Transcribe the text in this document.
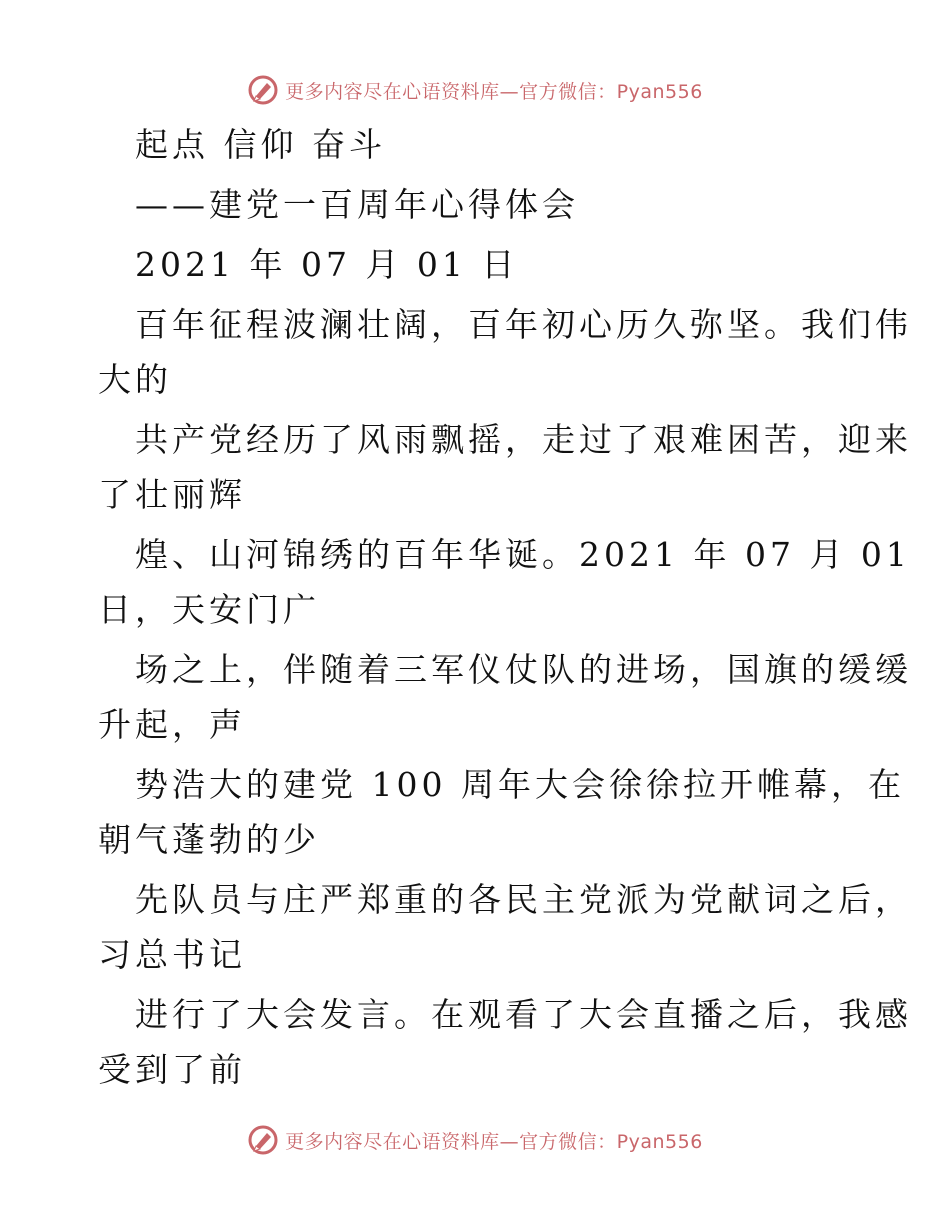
更多内容尽在心语资料库—官方微信：Pyan556
起点 信仰 奋斗
——建党一百周年心得体会
2021 年 07 月 01 日
百年征程波澜壮阔，百年初心历久弥坚。我们伟
大的
共产党经历了风雨飘摇，走过了艰难困苦，迎来
了壮丽辉
煌、山河锦绣的百年华诞。2021 年 07 月 01
日，天安门广
场之上，伴随着三军仪仗队的进场，国旗的缓缓
升起，声
势浩大的建党 100 周年大会徐徐拉开帷幕，在
朝气蓬勃的少
先队员与庄严郑重的各民主党派为党献词之后，
习总书记
进行了大会发言。在观看了大会直播之后，我感
受到了前
更多内容尽在心语资料库—官方微信：Pyan556
